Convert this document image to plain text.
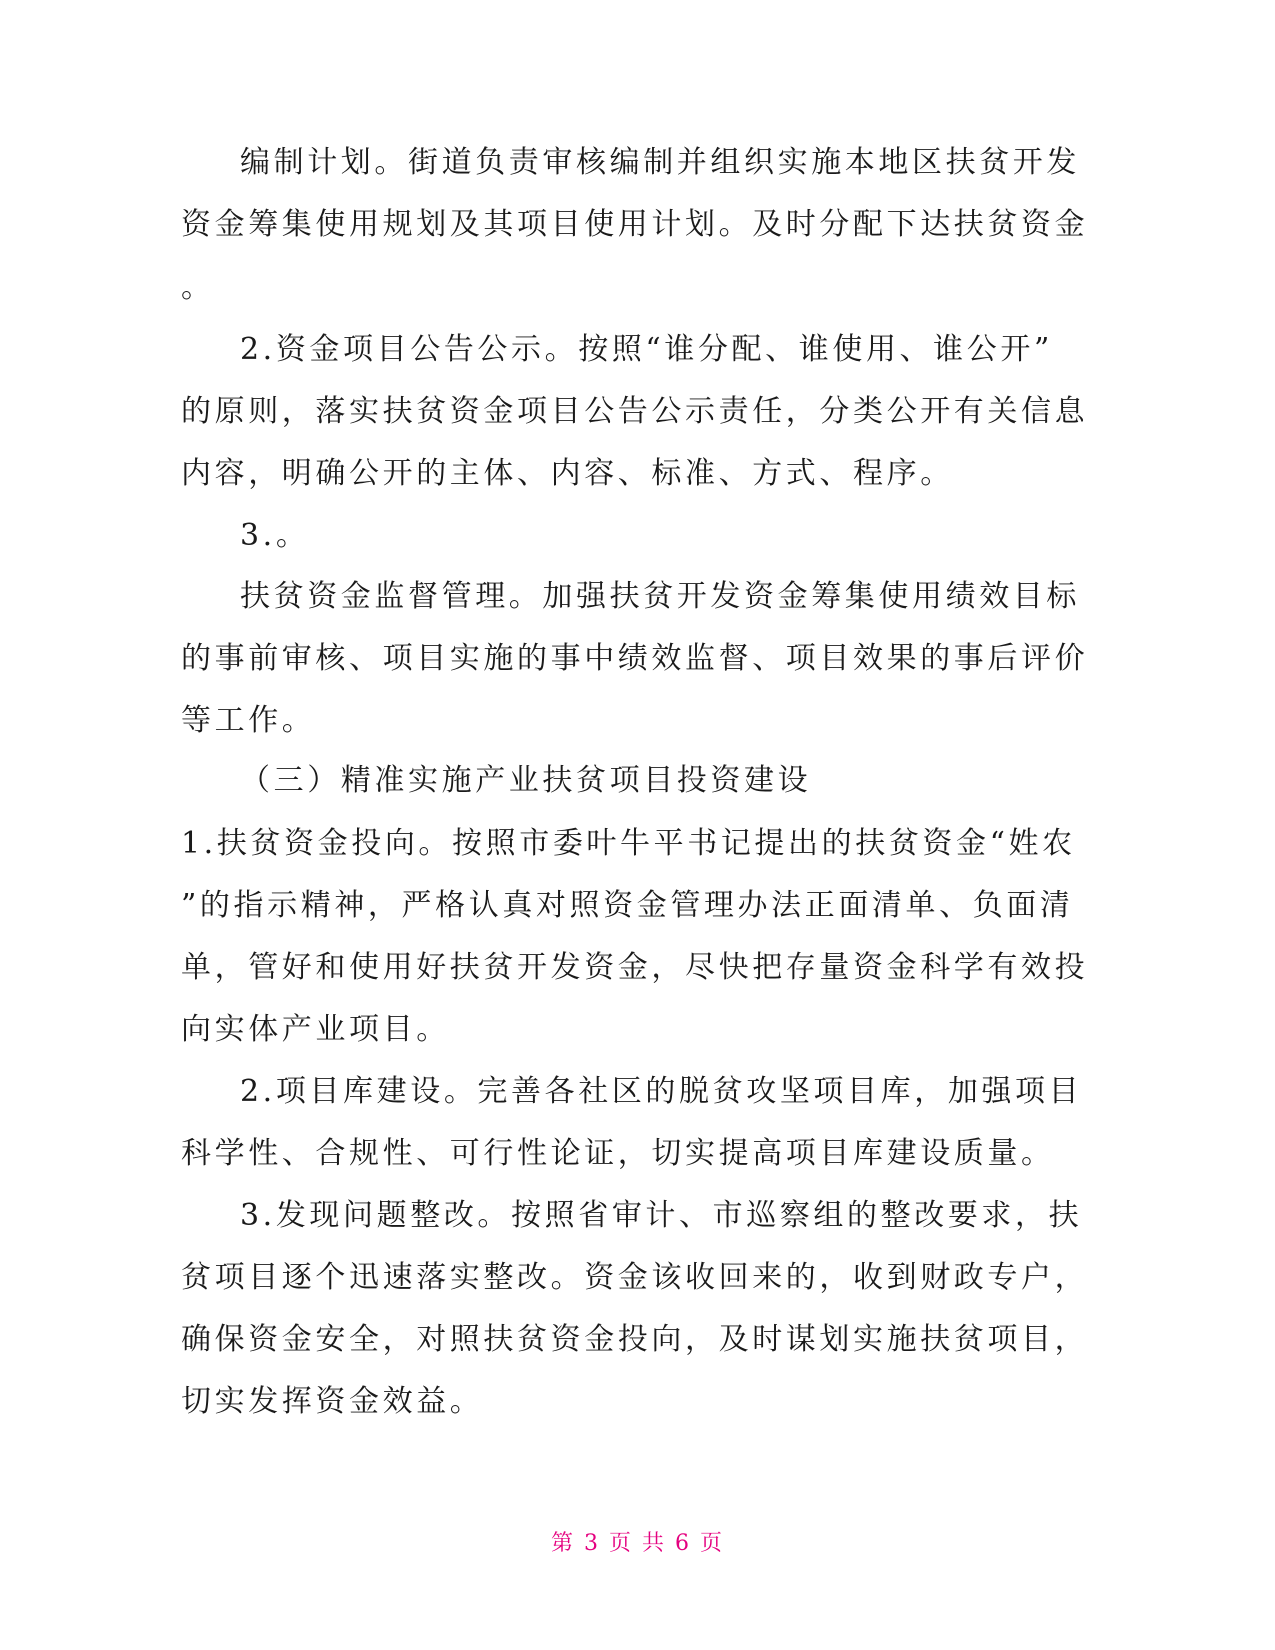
编制计划。街道负责审核编制并组织实施本地区扶贫开发
资金筹集使用规划及其项目使用计划。及时分配下达扶贫资金
。
2.资金项目公告公示。按照“谁分配、谁使用、谁公开”
的原则，落实扶贫资金项目公告公示责任，分类公开有关信息
内容，明确公开的主体、内容、标准、方式、程序。
3.。
扶贫资金监督管理。加强扶贫开发资金筹集使用绩效目标
的事前审核、项目实施的事中绩效监督、项目效果的事后评价
等工作。
（三）精准实施产业扶贫项目投资建设
1.扶贫资金投向。按照市委叶牛平书记提出的扶贫资金“姓农
”的指示精神，严格认真对照资金管理办法正面清单、负面清
单，管好和使用好扶贫开发资金，尽快把存量资金科学有效投
向实体产业项目。
2.项目库建设。完善各社区的脱贫攻坚项目库，加强项目
科学性、合规性、可行性论证，切实提高项目库建设质量。
3.发现问题整改。按照省审计、市巡察组的整改要求，扶
贫项目逐个迅速落实整改。资金该收回来的，收到财政专户，
确保资金安全，对照扶贫资金投向，及时谋划实施扶贫项目，
切实发挥资金效益。
第 3 页 共 6 页
